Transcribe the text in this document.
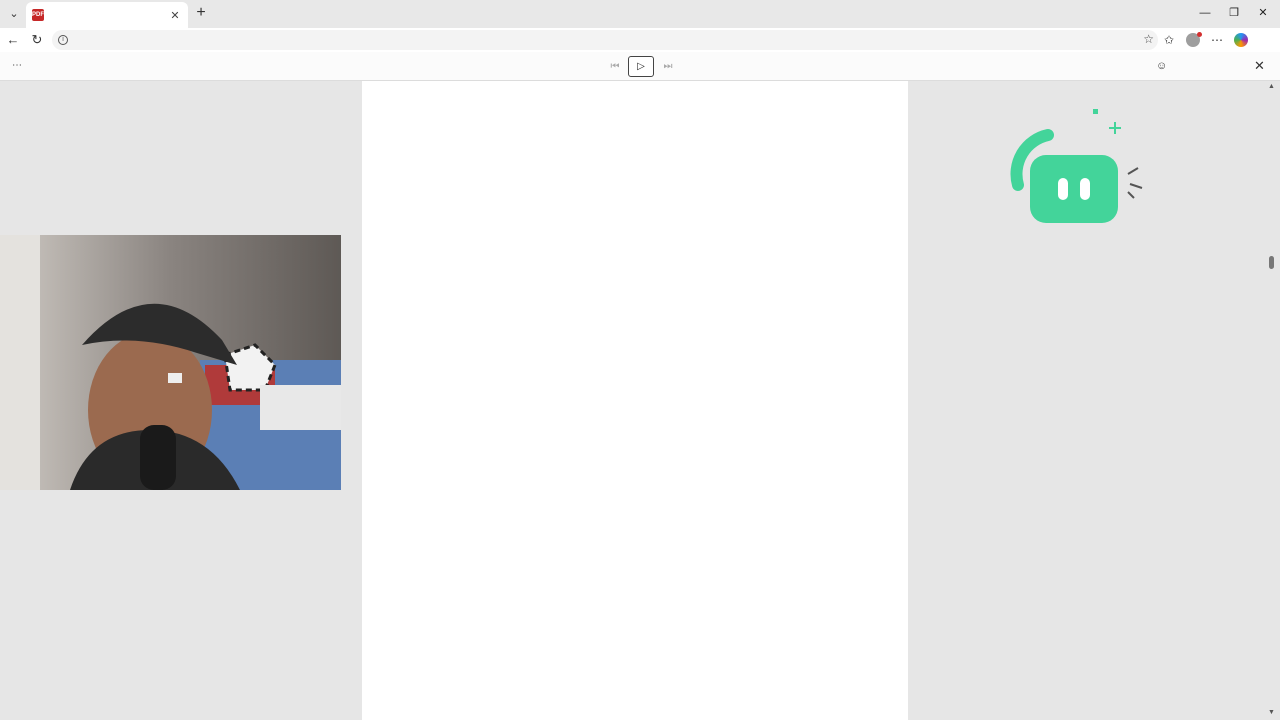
⌄	PDF	✕ +	—	❐	✕
← ↻	i	☆ ✩	⋯
⋯	⏮	▷	⏭	☺	✕

▲
▼
